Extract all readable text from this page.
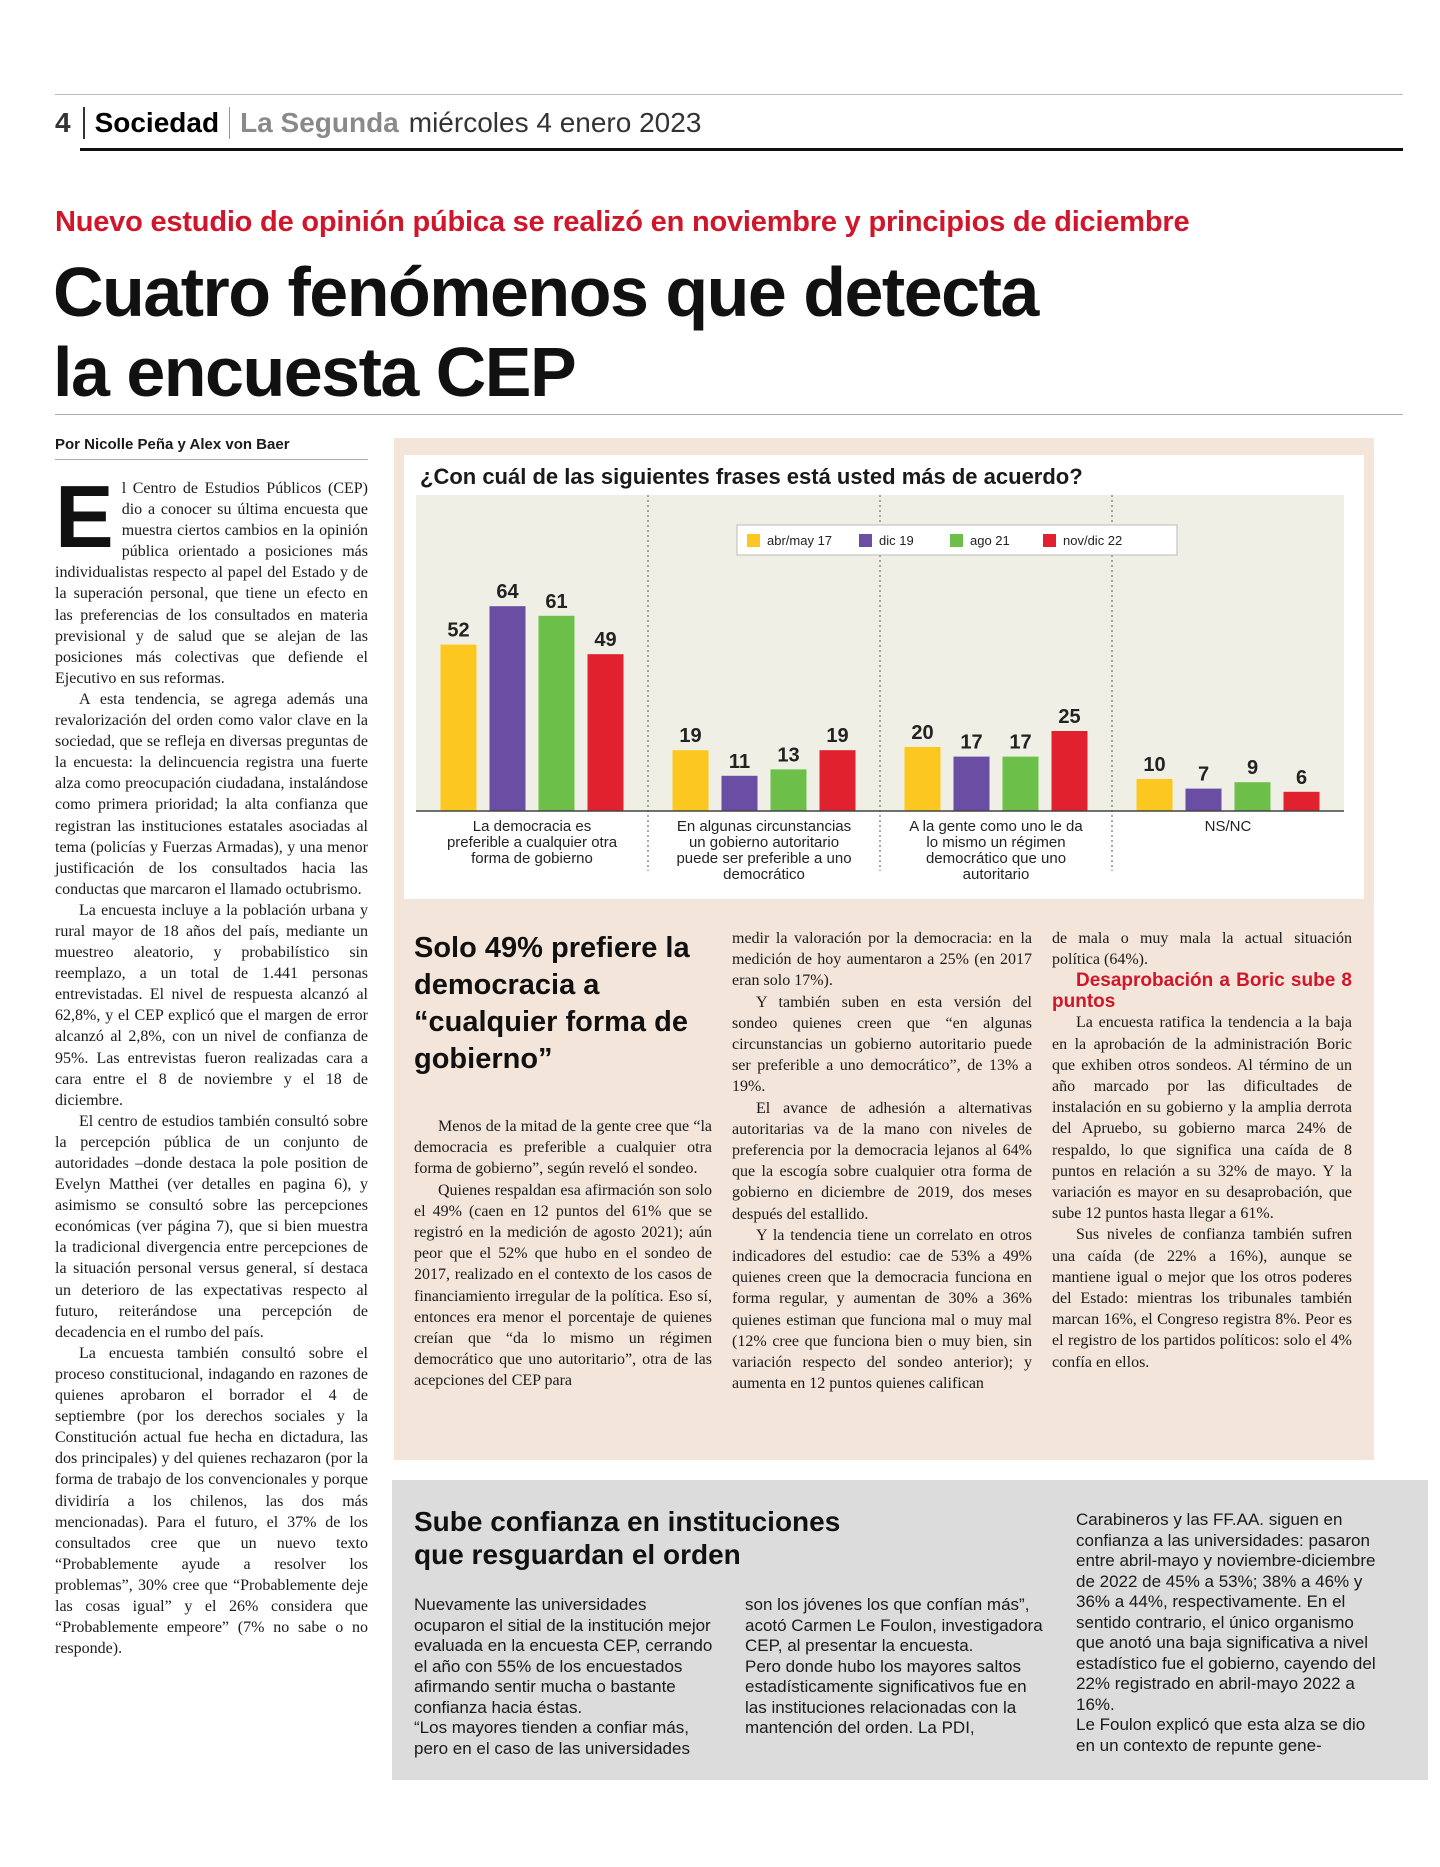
4 Sociedad La Segunda miércoles 4 enero 2023
Nuevo estudio de opinión púbica se realizó en noviembre y principios de diciembre
Cuatro fenómenos que detecta
la encuesta CEP
Por Nicolle Peña y Alex von Baer

El Centro de Estudios Públicos (CEP) dio a conocer su última encuesta que muestra ciertos cambios en la opinión pública orientado a posiciones más individualistas respecto al papel del Estado y de la superación personal, que tiene un efecto en las preferencias de los consultados en materia previsional y de salud que se alejan de las posiciones más colectivas que defiende el Ejecutivo en sus reformas.

A esta tendencia, se agrega además una revalorización del orden como valor clave en la sociedad, que se refleja en diversas preguntas de la encuesta: la delincuencia registra una fuerte alza como preocupación ciudadana, instalándose como primera prioridad; la alta confianza que registran las instituciones estatales asociadas al tema (policías y Fuerzas Armadas), y una menor justificación de los consultados hacia las conductas que marcaron el llamado octubrismo.

La encuesta incluye a la población urbana y rural mayor de 18 años del país, mediante un muestreo aleatorio, y probabilístico sin reemplazo, a un total de 1.441 personas entrevistadas. El nivel de respuesta alcanzó al 62,8%, y el CEP explicó que el margen de error alcanzó al 2,8%, con un nivel de confianza de 95%. Las entrevistas fueron realizadas cara a cara entre el 8 de noviembre y el 18 de diciembre.

El centro de estudios también consultó sobre la percepción pública de un conjunto de autoridades –donde destaca la pole position de Evelyn Matthei (ver detalles en pagina 6), y asimismo se consultó sobre las percepciones económicas (ver página 7), que si bien muestra la tradicional divergencia entre percepciones de la situación personal versus general, sí destaca un deterioro de las expectativas respecto al futuro, reiterándose una percepción de decadencia en el rumbo del país.

La encuesta también consultó sobre el proceso constitucional, indagando en razones de quienes aprobaron el borrador el 4 de septiembre (por los derechos sociales y la Constitución actual fue hecha en dictadura, las dos principales) y del quienes rechazaron (por la forma de trabajo de los convencionales y porque dividiría a los chilenos, las dos más mencionadas). Para el futuro, el 37% de los consultados cree que un nuevo texto “Probablemente ayude a resolver los problemas”, 30% cree que “Probablemente deje las cosas igual” y el 26% considera que “Probablemente empeore” (7% no sabe o no responde).

52
64 61
49
La democracia es
preferible a cualquier otra
forma de gobierno
19
11 13
19
En algunas circunstancias
un gobierno autoritario
puede ser preferible a uno
democrático
20 17 17
25
A la gente como uno le da
lo mismo un régimen
democrático que uno
autoritario
10 7 9 6
NS/NC
abr/may 17	dic 19	ago 21	nov/dic 22
¿Con cuál de las siguientes frases está usted más de acuerdo?
Solo 49% prefiere la democracia a “cualquier forma de gobierno”

Menos de la mitad de la gente cree que “la democracia es preferible a cualquier otra forma de gobierno”, según reveló el sondeo.

Quienes respaldan esa afirmación son solo el 49% (caen en 12 puntos del 61% que se registró en la medición de agosto 2021); aún peor que el 52% que hubo en el sondeo de 2017, realizado en el contexto de los casos de financiamiento irregular de la política. Eso sí, entonces era menor el porcentaje de quienes creían que “da lo mismo un régimen democrático que uno autoritario”, otra de las acepciones del CEP para

medir la valoración por la democracia: en la medición de hoy aumentaron a 25% (en 2017 eran solo 17%).

Y también suben en esta versión del sondeo quienes creen que “en algunas circunstancias un gobierno autoritario puede ser preferible a uno democrático”, de 13% a 19%.

El avance de adhesión a alternativas autoritarias va de la mano con niveles de preferencia por la democracia lejanos al 64% que la escogía sobre cualquier otra forma de gobierno en diciembre de 2019, dos meses después del estallido.

Y la tendencia tiene un correlato en otros indicadores del estudio: cae de 53% a 49% quienes creen que la democracia funciona en forma regular, y aumentan de 30% a 36% quienes estiman que funciona mal o muy mal (12% cree que funciona bien o muy bien, sin variación respecto del sondeo anterior); y aumenta en 12 puntos quienes califican

de mala o muy mala la actual situación política (64%).

Desaprobación a Boric sube 8 puntos

La encuesta ratifica la tendencia a la baja en la aprobación de la administración Boric que exhiben otros sondeos. Al término de un año marcado por las dificultades de instalación en su gobierno y la amplia derrota del Apruebo, su gobierno marca 24% de respaldo, lo que significa una caída de 8 puntos en relación a su 32% de mayo. Y la variación es mayor en su desaprobación, que sube 12 puntos hasta llegar a 61%.

Sus niveles de confianza también sufren una caída (de 22% a 16%), aunque se mantiene igual o mejor que los otros poderes del Estado: mientras los tribunales también marcan 16%, el Congreso registra 8%. Peor es el registro de los partidos políticos: solo el 4% confía en ellos.

Sube confianza en instituciones que resguardan el orden

Nuevamente las universidades ocuparon el sitial de la institución mejor evaluada en la encuesta CEP, cerrando el año con 55% de los encuestados afirmando sentir mucha o bastante confianza hacia éstas.

“Los mayores tienden a confiar más, pero en el caso de las universidades

son los jóvenes los que confían más”, acotó Carmen Le Foulon, investigadora CEP, al presentar la encuesta.

Pero donde hubo los mayores saltos estadísticamente significativos fue en las instituciones relacionadas con la mantención del orden. La PDI,

Carabineros y las FF.AA. siguen en confianza a las universidades: pasaron entre abril-mayo y noviembre-diciembre de 2022 de 45% a 53%; 38% a 46% y 36% a 44%, respectivamente. En el sentido contrario, el único organismo que anotó una baja significativa a nivel estadístico fue el gobierno, cayendo del 22% registrado en abril-mayo 2022 a 16%.

Le Foulon explicó que esta alza se dio en un contexto de repunte gene-
